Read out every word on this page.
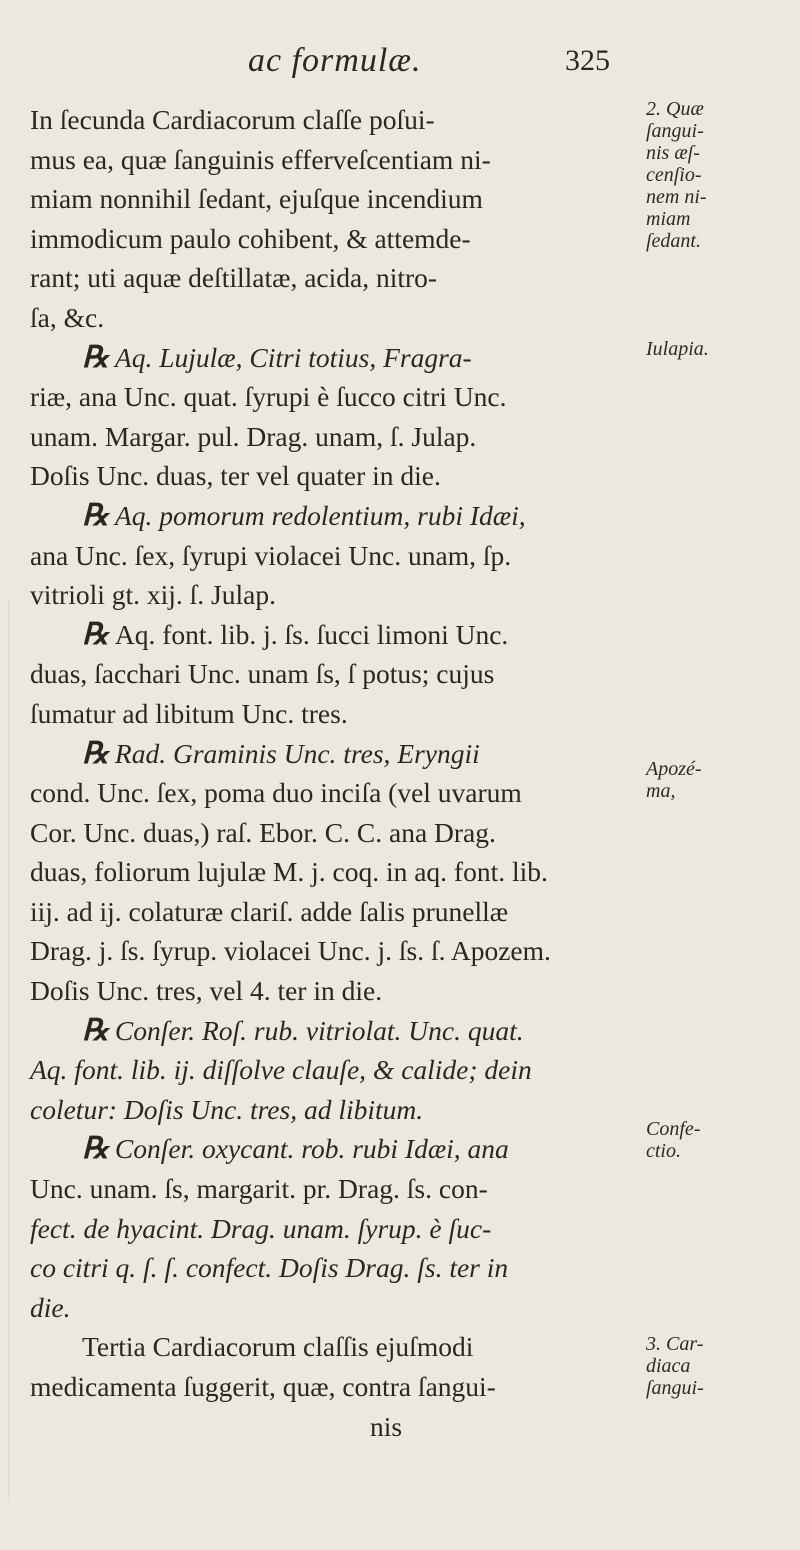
ac formulæ.	325
In ſecunda Cardiacorum claſſe poſui-
mus ea, quæ ſanguinis efferveſcentiam ni-
miam nonnihil ſedant, ejuſque incendium
immodicum paulo cohibent, & attemde-
rant; uti aquæ deſtillatæ, acida, nitro-
ſa, &c.
℞ Aq. Lujulæ, Citri totius, Fragra-
riæ, ana Unc. quat. ſyrupi è ſucco citri Unc.
unam. Margar. pul. Drag. unam, ſ. Julap.
Doſis Unc. duas, ter vel quater in die.
℞ Aq. pomorum redolentium, rubi Idæi,
ana Unc. ſex, ſyrupi violacei Unc. unam, ſp.
vitrioli gt. xij. ſ. Julap.
℞ Aq. font. lib. j. ſs. ſucci limoni Unc.
duas, ſacchari Unc. unam ſs, ſ potus; cujus
ſumatur ad libitum Unc. tres.
℞ Rad. Graminis Unc. tres, Eryngii
cond. Unc. ſex, poma duo inciſa (vel uvarum
Cor. Unc. duas,) raſ. Ebor. C. C. ana Drag.
duas, foliorum lujulæ M. j. coq. in aq. font. lib.
iij. ad ij. colaturæ clariſ. adde ſalis prunellæ
Drag. j. ſs. ſyrup. violacei Unc. j. ſs. ſ. Apozem.
Doſis Unc. tres, vel 4. ter in die.
℞ Conſer. Roſ. rub. vitriolat. Unc. quat.
Aq. font. lib. ij. diſſolve clauſe, & calide; dein
coletur: Doſis Unc. tres, ad libitum.
℞ Conſer. oxycant. rob. rubi Idæi, ana
Unc. unam. ſs, margarit. pr. Drag. ſs. con-
fect. de hyacint. Drag. unam. ſyrup. è ſuc-
co citri q. ſ. ſ. confect. Doſis Drag. ſs. ter in
die.
Tertia Cardiacorum claſſis ejuſmodi
medicamenta ſuggerit, quæ, contra ſangui-
nis
2. Quæ
ſangui-
nis æſ-
cenſio-
nem ni-
miam
ſedant.
Iulapia.
Apozé-
ma,
Confe-
ctio.
3. Car-
diaca
ſangui-
